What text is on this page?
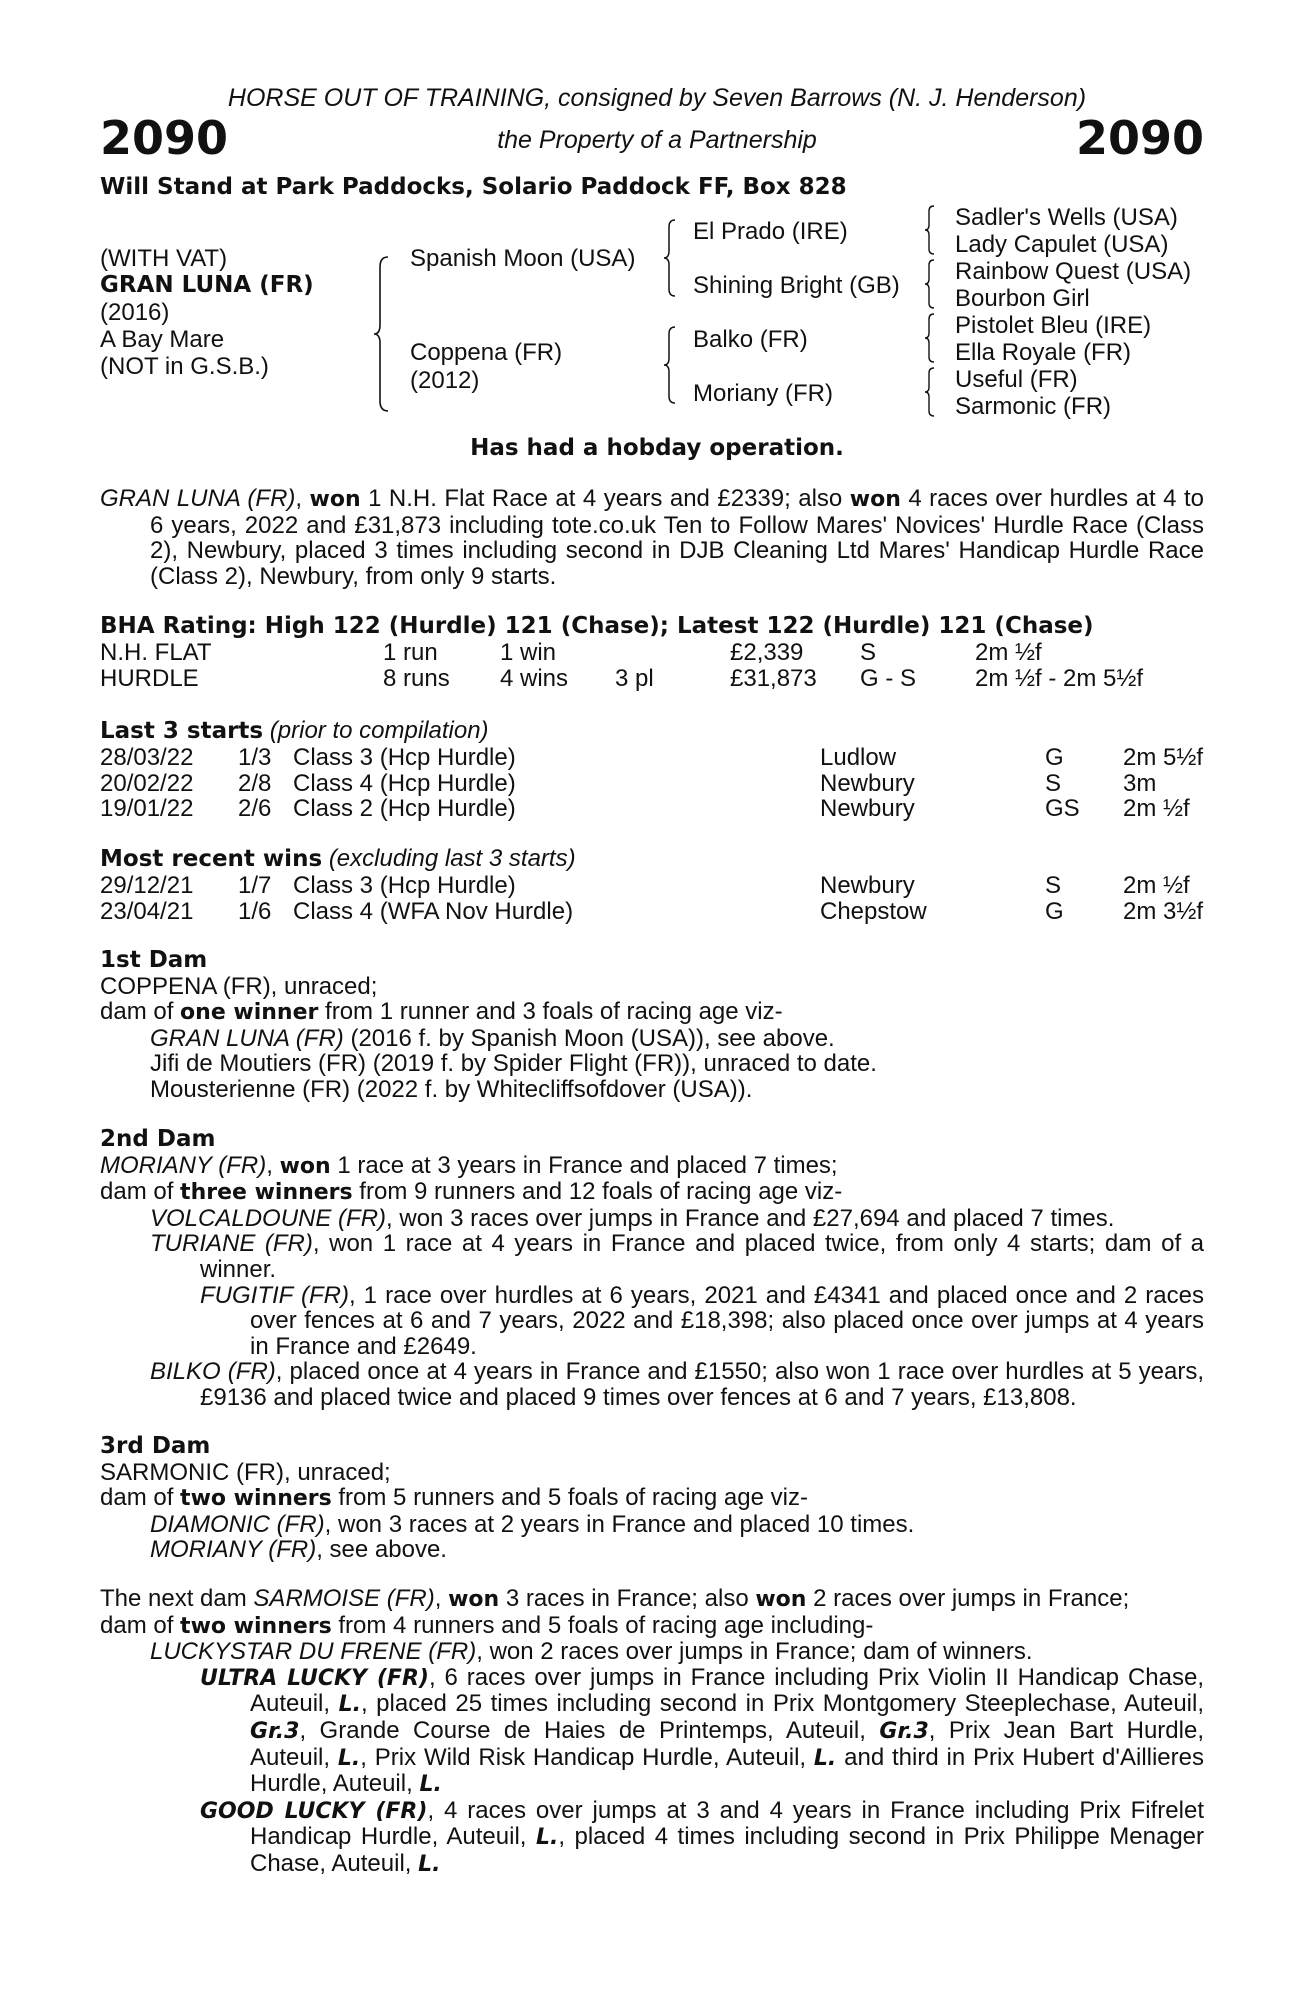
HORSE OUT OF TRAINING, consigned by Seven Barrows (N. J. Henderson)
2090	the Property of a Partnership	2090
Will Stand at Park Paddocks, Solario Paddock FF, Box 828
(WITH VAT)
GRAN LUNA (FR)
(2016)
A Bay Mare
(NOT in G.S.B.)
Spanish Moon (USA)
Coppena (FR)
(2012)
El Prado (IRE)
Shining Bright (GB)
Balko (FR)
Moriany (FR)
Sadler's Wells (USA)
Lady Capulet (USA)
Rainbow Quest (USA)
Bourbon Girl
Pistolet Bleu (IRE)
Ella Royale (FR)
Useful (FR)
Sarmonic (FR)
Has had a hobday operation.

GRAN LUNA (FR), won 1 N.H. Flat Race at 4 years and £2339; also won 4 races over hurdles at 4 to 6 years, 2022 and £31,873 including tote.co.uk Ten to Follow Mares' Novices' Hurdle Race (Class 2), Newbury, placed 3 times including second in DJB Cleaning Ltd Mares' Handicap Hurdle Race (Class 2), Newbury, from only 9 starts.

BHA Rating: High 122 (Hurdle) 121 (Chase); Latest 122 (Hurdle) 121 (Chase)
N.H. FLAT	1 run	1 win		£2,339	S	2m ½f
HURDLE	8 runs	4 wins	3 pl	£31,873	G - S	2m ½f - 2m 5½f
Last 3 starts (prior to compilation)
28/03/22	1/3	Class 3 (Hcp Hurdle)	Ludlow	G	2m 5½f
20/02/22	2/8	Class 4 (Hcp Hurdle)	Newbury	S	3m
19/01/22	2/6	Class 2 (Hcp Hurdle)	Newbury	GS	2m ½f
Most recent wins (excluding last 3 starts)
29/12/21	1/7	Class 3 (Hcp Hurdle)	Newbury	S	2m ½f
23/04/21	1/6	Class 4 (WFA Nov Hurdle)	Chepstow	G	2m 3½f

1st Dam

COPPENA (FR), unraced;

dam of one winner from 1 runner and 3 foals of racing age viz-

GRAN LUNA (FR) (2016 f. by Spanish Moon (USA)), see above.

Jifi de Moutiers (FR) (2019 f. by Spider Flight (FR)), unraced to date.

Mousterienne (FR) (2022 f. by Whitecliffsofdover (USA)).

2nd Dam

MORIANY (FR), won 1 race at 3 years in France and placed 7 times;

dam of three winners from 9 runners and 12 foals of racing age viz-

VOLCALDOUNE (FR), won 3 races over jumps in France and £27,694 and placed 7 times.

TURIANE (FR), won 1 race at 4 years in France and placed twice, from only 4 starts; dam of a winner.

FUGITIF (FR), 1 race over hurdles at 6 years, 2021 and £4341 and placed once and 2 races over fences at 6 and 7 years, 2022 and £18,398; also placed once over jumps at 4 years in France and £2649.

BILKO (FR), placed once at 4 years in France and £1550; also won 1 race over hurdles at 5 years, £9136 and placed twice and placed 9 times over fences at 6 and 7 years, £13,808.

3rd Dam

SARMONIC (FR), unraced;

dam of two winners from 5 runners and 5 foals of racing age viz-

DIAMONIC (FR), won 3 races at 2 years in France and placed 10 times.

MORIANY (FR), see above.

The next dam SARMOISE (FR), won 3 races in France; also won 2 races over jumps in France;

dam of two winners from 4 runners and 5 foals of racing age including-

LUCKYSTAR DU FRENE (FR), won 2 races over jumps in France; dam of winners.

ULTRA LUCKY (FR), 6 races over jumps in France including Prix Violin II Handicap Chase, Auteuil, L., placed 25 times including second in Prix Montgomery Steeplechase, Auteuil, Gr.3, Grande Course de Haies de Printemps, Auteuil, Gr.3, Prix Jean Bart Hurdle, Auteuil, L., Prix Wild Risk Handicap Hurdle, Auteuil, L. and third in Prix Hubert d'Aillieres Hurdle, Auteuil, L.

GOOD LUCKY (FR), 4 races over jumps at 3 and 4 years in France including Prix Fifrelet Handicap Hurdle, Auteuil, L., placed 4 times including second in Prix Philippe Menager Chase, Auteuil, L.
